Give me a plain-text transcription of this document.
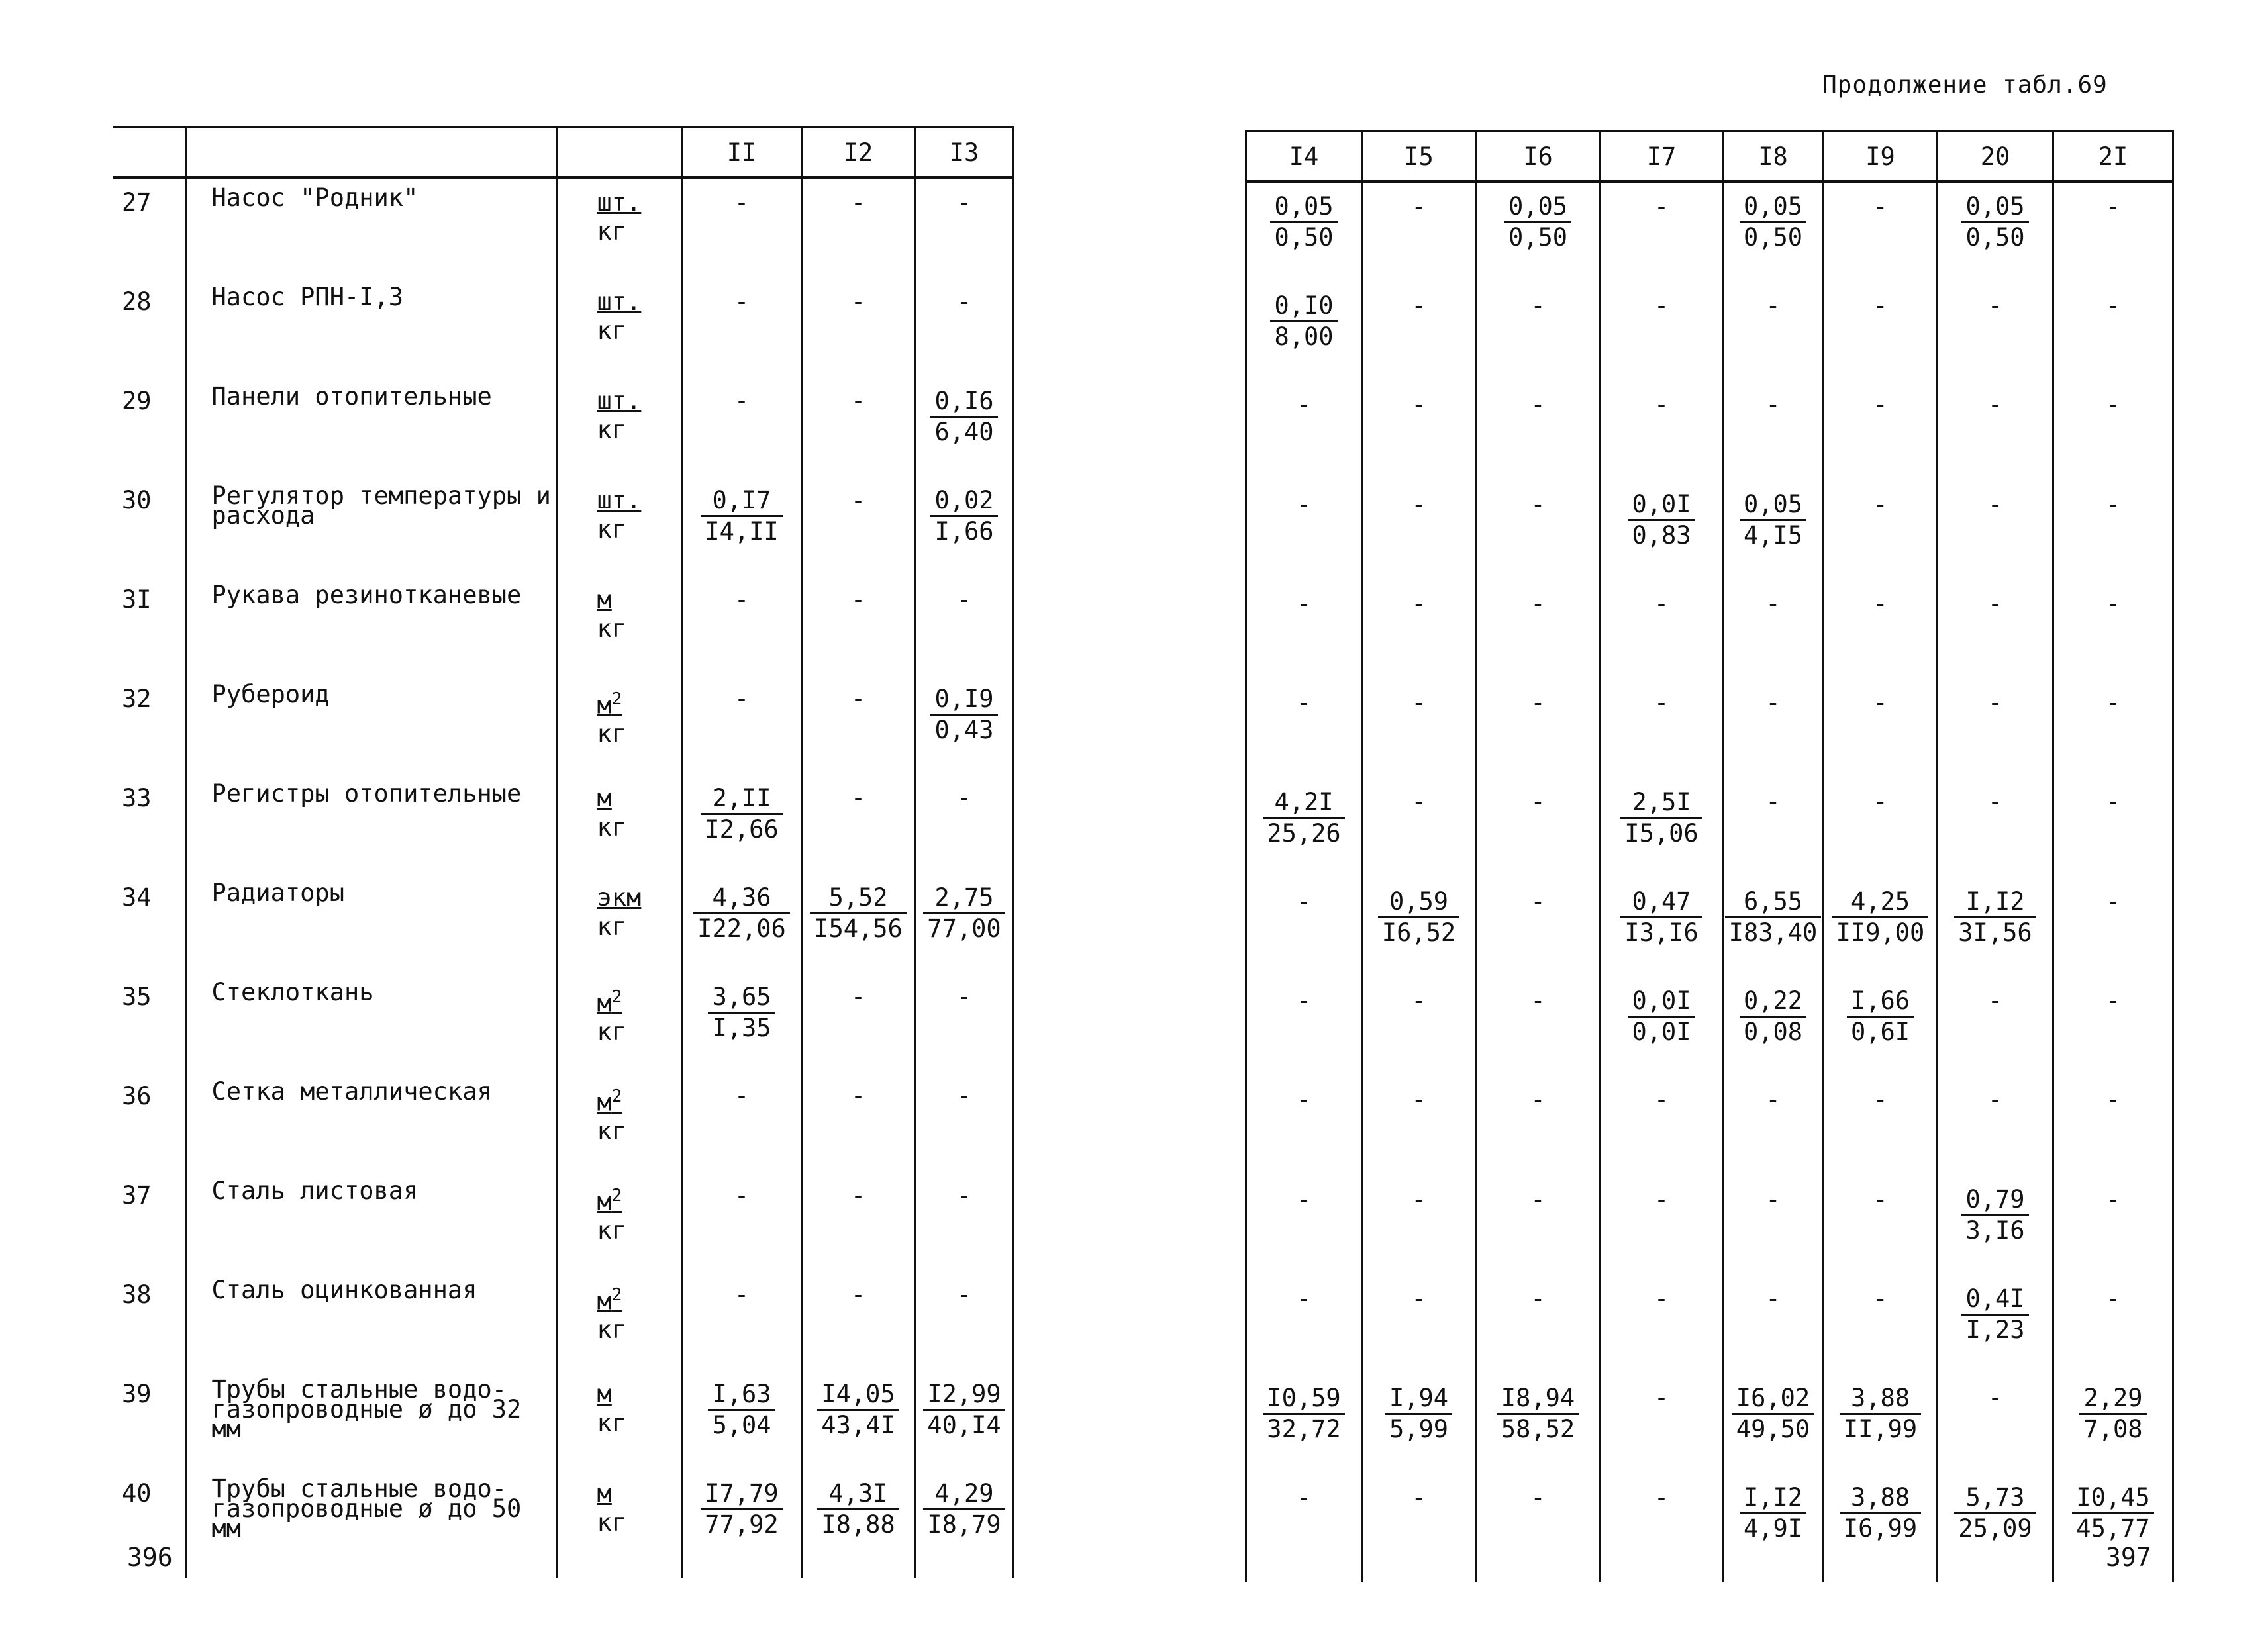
Продолжение табл.69
			II	I2	I3
27	Насос "Родник"	шт.
кг	-	-	-
28	Насос РПН-I,3	шт.
кг	-	-	-
29	Панели отопительные	шт.
кг	-	-	$\frac{0,I6}{6,40}$

30	Регулятор температуры и расхода	шт.
кг	$\frac{0,I7}{I4,II}$	-	$\frac{0,02}{I,66}$

3I	Рукава резинотканевые	м
кг	-	-	-
32	Рубероид	$м^2$
кг	-	-	$\frac{0,I9}{0,43}$

33	Регистры отопительные	м
кг	$\frac{2,II}{I2,66}$	-	-
34	Радиаторы	экм
кг	$\frac{4,36}{I22,06}$	$\frac{5,52}{I54,56}$	$\frac{2,75}{77,00}$

35	Стеклоткань	$м^2$
кг	$\frac{3,65}{I,35}$	-	-
36	Сетка металлическая	$м^2$
кг	-	-	-
37	Сталь листовая	$м^2$
кг	-	-	-
38	Сталь оцинкованная	$м^2$
кг	-	-	-
39	Трубы стальные водо-газопроводные ø до 32 мм	м
кг	$\frac{I,63}{5,04}$	$\frac{I4,05}{43,4I}$	$\frac{I2,99}{40,I4}$

40	Трубы стальные водо-газопроводные ø до 50 мм	м
кг	$\frac{I7,79}{77,92}$	$\frac{4,3I}{I8,88}$	$\frac{4,29}{I8,79}$
I4	I5	I6	I7	I8	I9	20	2I

$\frac{0,05}{0,50}$	-	$\frac{0,05}{0,50}$	-	$\frac{0,05}{0,50}$	-	$\frac{0,05}{0,50}$	-

$\frac{0,I0}{8,00}$	-	-	-	-	-	-	-
-	-	-	-	-	-	-	-
-	-	-	$\frac{0,0I}{0,83}$	$\frac{0,05}{4,I5}$	-	-	-
-	-	-	-	-	-	-	-
-	-	-	-	-	-	-	-

$\frac{4,2I}{25,26}$	-	-	$\frac{2,5I}{I5,06}$	-	-	-	-
-	$\frac{0,59}{I6,52}$	-	$\frac{0,47}{I3,I6}$	$\frac{6,55}{I83,40}$	$\frac{4,25}{II9,00}$	$\frac{I,I2}{3I,56}$	-
-	-	-	$\frac{0,0I}{0,0I}$	$\frac{0,22}{0,08}$	$\frac{I,66}{0,6I}$	-	-
-	-	-	-	-	-	-	-
-	-	-	-	-	-	$\frac{0,79}{3,I6}$	-
-	-	-	-	-	-	$\frac{0,4I}{I,23}$	-

$\frac{I0,59}{32,72}$	$\frac{I,94}{5,99}$	$\frac{I8,94}{58,52}$	-	$\frac{I6,02}{49,50}$	$\frac{3,88}{II,99}$	-	$\frac{2,29}{7,08}$

-	-	-	-	$\frac{I,I2}{4,9I}$	$\frac{3,88}{I6,99}$	$\frac{5,73}{25,09}$	$\frac{I0,45}{45,77}$
396	397
